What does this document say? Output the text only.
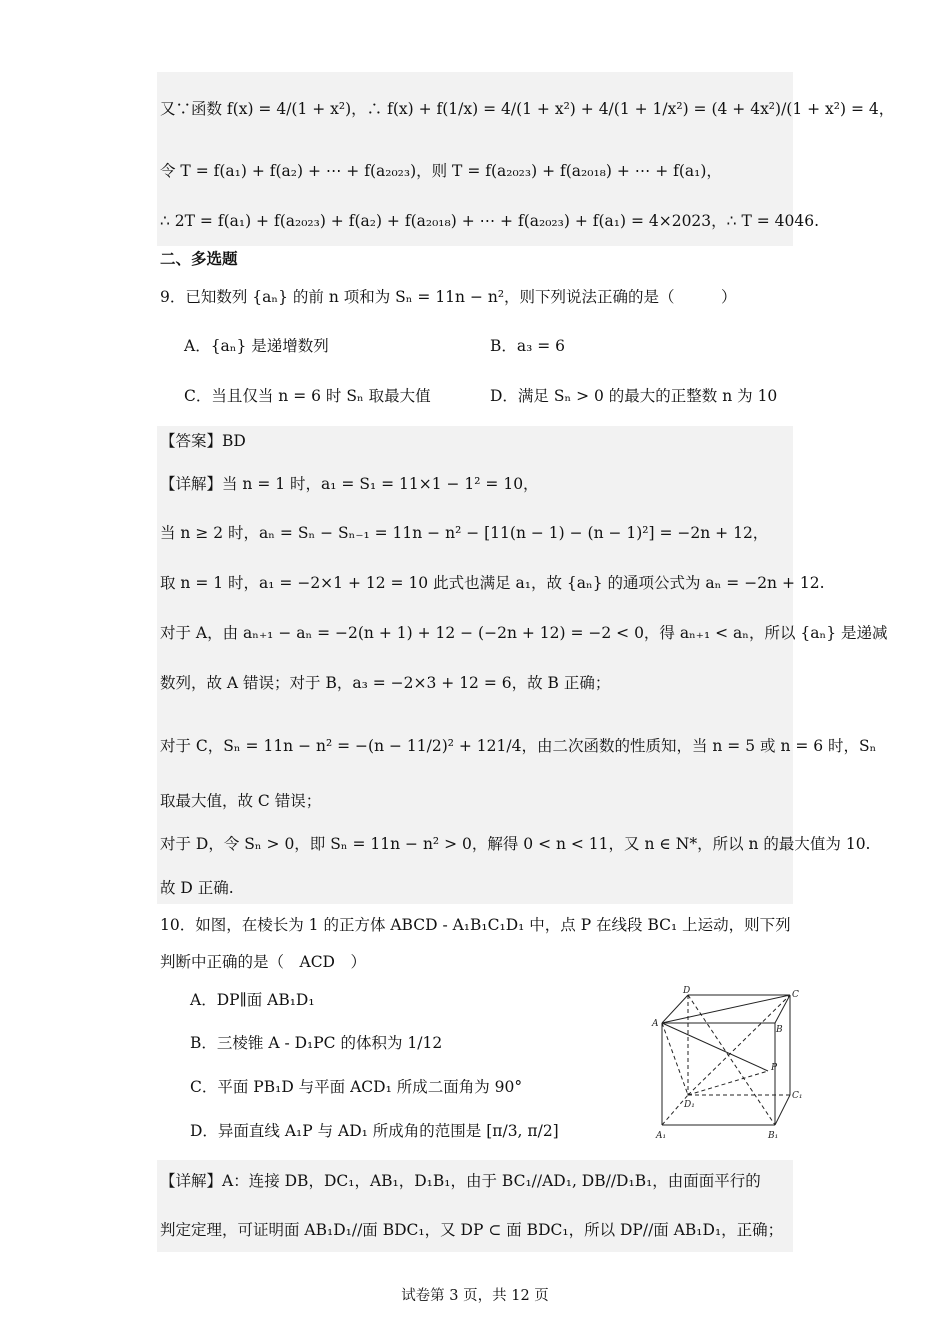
又∵函数 f(x) = 4/(1 + x²)，∴ f(x) + f(1/x) = 4/(1 + x²) + 4/(1 + 1/x²) = (4 + 4x²)/(1 + x²) = 4，
令 T = f(a₁) + f(a₂) + ⋯ + f(a₂₀₂₃)，则 T = f(a₂₀₂₃) + f(a₂₀₁₈) + ⋯ + f(a₁)，
∴ 2T = f(a₁) + f(a₂₀₂₃) + f(a₂) + f(a₂₀₁₈) + ⋯ + f(a₂₀₂₃) + f(a₁) = 4×2023，∴ T = 4046.
二、多选题
9．已知数列 {aₙ} 的前 n 项和为 Sₙ = 11n − n²，则下列说法正确的是（　　　）
A．{aₙ} 是递增数列	B．a₃ = 6
C．当且仅当 n = 6 时 Sₙ 取最大值	D．满足 Sₙ > 0 的最大的正整数 n 为 10
【答案】BD
【详解】当 n = 1 时，a₁ = S₁ = 11×1 − 1² = 10，
当 n ≥ 2 时，aₙ = Sₙ − Sₙ₋₁ = 11n − n² − [11(n − 1) − (n − 1)²] = −2n + 12，
取 n = 1 时，a₁ = −2×1 + 12 = 10 此式也满足 a₁，故 {aₙ} 的通项公式为 aₙ = −2n + 12.
对于 A，由 aₙ₊₁ − aₙ = −2(n + 1) + 12 − (−2n + 12) = −2 < 0，得 aₙ₊₁ < aₙ，所以 {aₙ} 是递减
数列，故 A 错误；对于 B，a₃ = −2×3 + 12 = 6，故 B 正确；
对于 C，Sₙ = 11n − n² = −(n − 11/2)² + 121/4，由二次函数的性质知，当 n = 5 或 n = 6 时，Sₙ
取最大值，故 C 错误；
对于 D，令 Sₙ > 0，即 Sₙ = 11n − n² > 0，解得 0 < n < 11，又 n ∈ N*，所以 n 的最大值为 10.
故 D 正确.
10．如图，在棱长为 1 的正方体 ABCD - A₁B₁C₁D₁ 中，点 P 在线段 BC₁ 上运动，则下列
判断中正确的是（　ACD　）
A．DP∥面 AB₁D₁
B．三棱锥 A - D₁PC 的体积为 1/12
C．平面 PB₁D 与平面 ACD₁ 所成二面角为 90°
D．异面直线 A₁P 与 AD₁ 所成角的范围是 [π/3, π/2]
D	C
A
B
P
D₁
C₁
A₁	B₁
【详解】A：连接 DB，DC₁，AB₁，D₁B₁，由于 BC₁//AD₁, DB//D₁B₁，由面面平行的
判定定理，可证明面 AB₁D₁//面 BDC₁，又 DP ⊂ 面 BDC₁，所以 DP//面 AB₁D₁，正确；
试卷第 3 页，共 12 页
